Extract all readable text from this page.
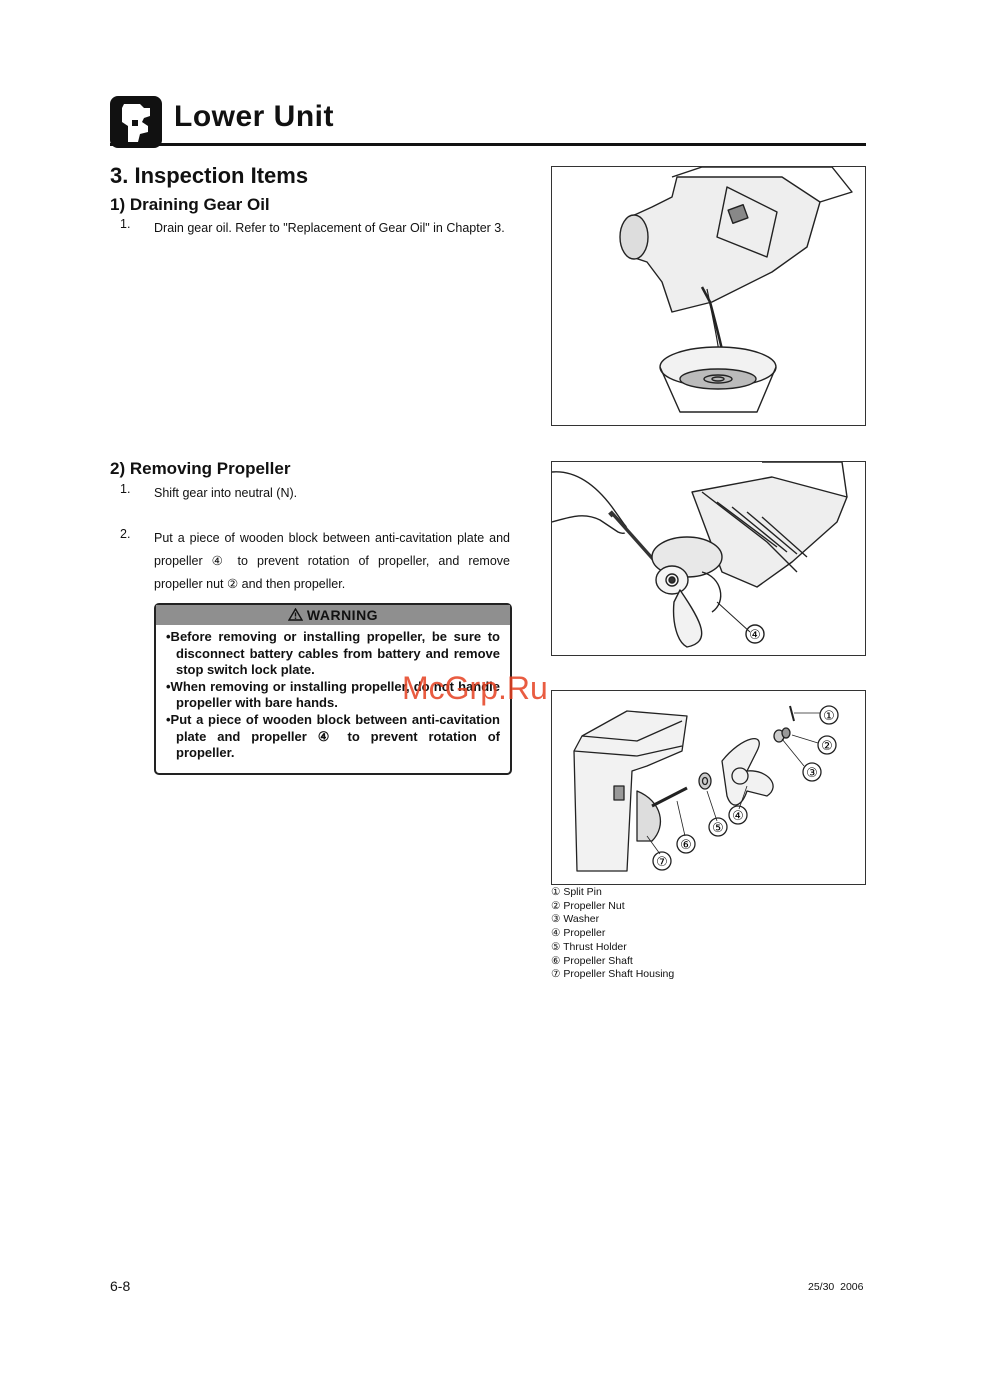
Lower Unit
3. Inspection Items
1) Draining Gear Oil
1.	Drain gear oil. Refer to "Replacement of Gear Oil" in Chapter 3.
2) Removing Propeller
1.	Shift gear into neutral (N).
2.	Put a piece of wooden block between anti-cavitation plate and propeller ④ to prevent rotation of propeller, and remove propeller nut ② and then propeller.
WARNING
•Before removing or installing propeller, be sure to disconnect battery cables from battery and remove stop switch lock plate.
•When removing or installing propeller, do not handle propeller with bare hands.
•Put a piece of wooden block between anti-cavitation plate and propeller ④ to prevent rotation of propeller.
④
McGrp.Ru
①
②
③
④
⑤
⑥
⑦
① Split Pin
② Propeller Nut
③ Washer
④ Propeller
⑤ Thrust Holder
⑥ Propeller Shaft
⑦ Propeller Shaft Housing
6-8	25/30  2006
